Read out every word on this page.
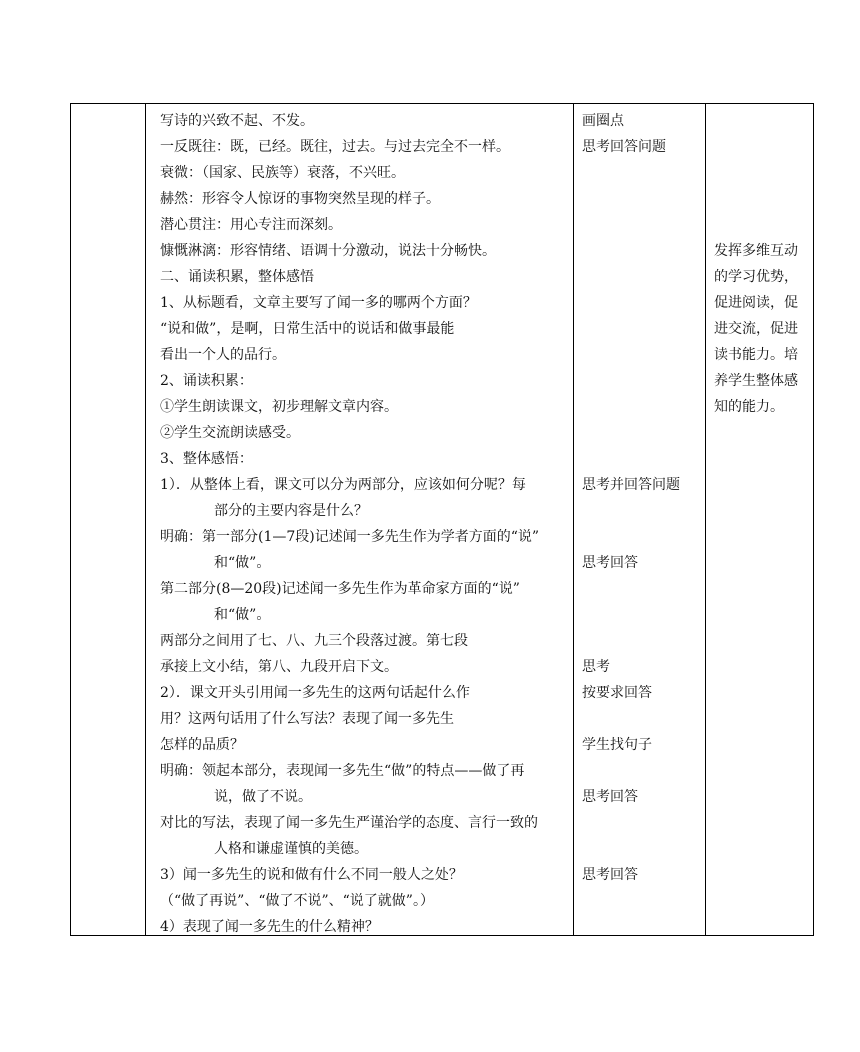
写诗的兴致不起、不发。
一反既往：既，已经。既往，过去。与过去完全不一样。
衰微：（国家、民族等）衰落，不兴旺。
赫然：形容令人惊讶的事物突然呈现的样子。
潜心贯注：用心专注而深刻。
慷慨淋漓：形容情绪、语调十分激动，说法十分畅快。
二、诵读积累，整体感悟
1、从标题看，文章主要写了闻一多的哪两个方面？
“说和做”，是啊，日常生活中的说话和做事最能
看出一个人的品行。
2、诵读积累：
①学生朗读课文，初步理解文章内容。
②学生交流朗读感受。
3、整体感悟：
1）．从整体上看，课文可以分为两部分，应该如何分呢？每
部分的主要内容是什么？
明确：第一部分(1—7段)记述闻一多先生作为学者方面的“说”
和“做”。
第二部分(8—20段)记述闻一多先生作为革命家方面的“说”
和“做”。
两部分之间用了七、八、九三个段落过渡。第七段
承接上文小结，第八、九段开启下文。
2）．课文开头引用闻一多先生的这两句话起什么作
用？这两句话用了什么写法？表现了闻一多先生
怎样的品质？
明确：领起本部分，表现闻一多先生“做”的特点——做了再
说，做了不说。
对比的写法，表现了闻一多先生严谨治学的态度、言行一致的
人格和谦虚谨慎的美德。
3）闻一多先生的说和做有什么不同一般人之处？
（“做了再说”、“做了不说”、“说了就做”。）
4）表现了闻一多先生的什么精神？
画圈点
思考回答问题
思考并回答问题
思考回答
思考
按要求回答
学生找句子
思考回答
思考回答
发挥多维互动
的学习优势，
促进阅读，促
进交流，促进
读书能力。培
养学生整体感
知的能力。
